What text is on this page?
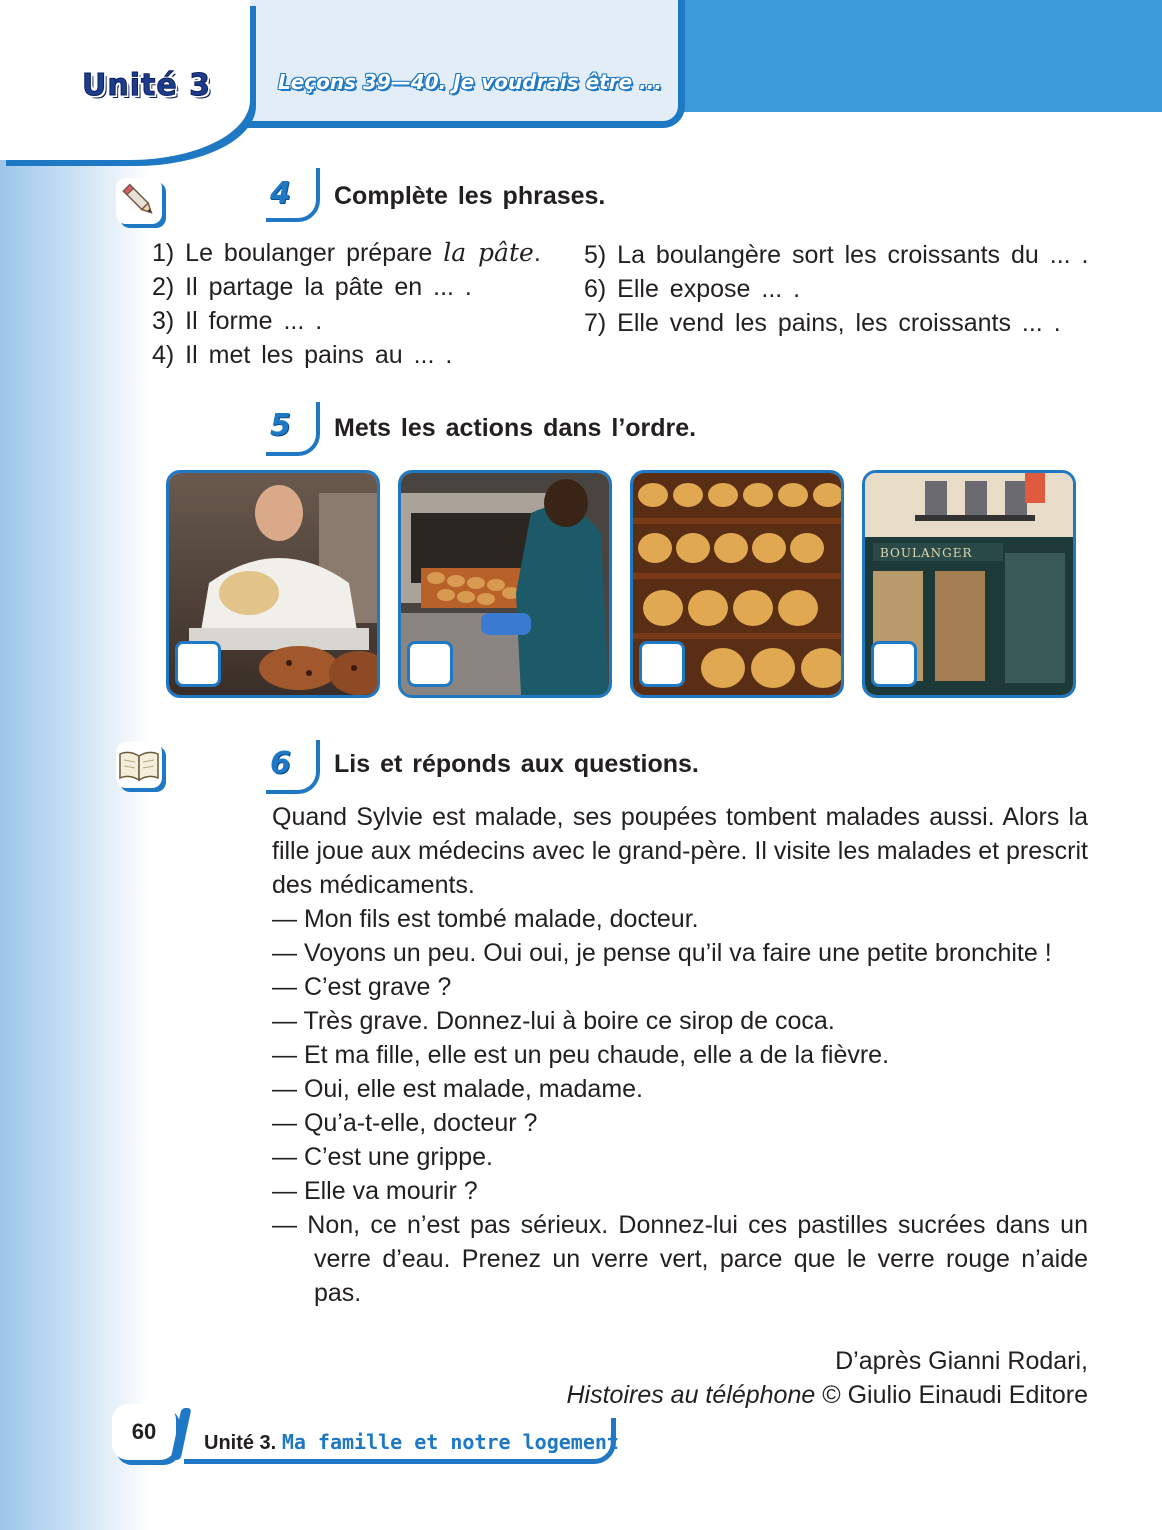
Unité 3	Leçons 39—40. Je voudrais être ...
4	Complète les phrases.
1) Le boulanger prépare la pâte.
2) Il partage la pâte en ... .
3) Il forme ... .
4) Il met les pains au ... .
5) La boulangère sort les croissants du ... .
6) Elle expose ... .
7) Elle vend les pains, les croissants ... .
5	Mets les actions dans l’ordre.
BOULANGER
6	Lis et réponds aux questions.

Quand Sylvie est malade, ses poupées tombent malades aussi. Alors la fille joue aux médecins avec le grand-père. Il visite les malades et prescrit des médicaments.

— Mon fils est tombé malade, docteur.
— Voyons un peu. Oui oui, je pense qu’il va faire une petite bronchite !
— C’est grave ?
— Très grave. Donnez-lui à boire ce sirop de coca.
— Et ma fille, elle est un peu chaude, elle a de la fièvre.
— Oui, elle est malade, madame.
— Qu’a-t-elle, docteur ?
— C’est une grippe.
— Elle va mourir ?
— Non, ce n’est pas sérieux. Donnez-lui ces pastilles sucrées dans un verre d’eau. Prenez un verre vert, parce que le verre rouge n’aide pas.
D’après Gianni Rodari,
Histoires au téléphone © Giulio Einaudi Editore
60	Unité 3. Ma famille et notre logement
